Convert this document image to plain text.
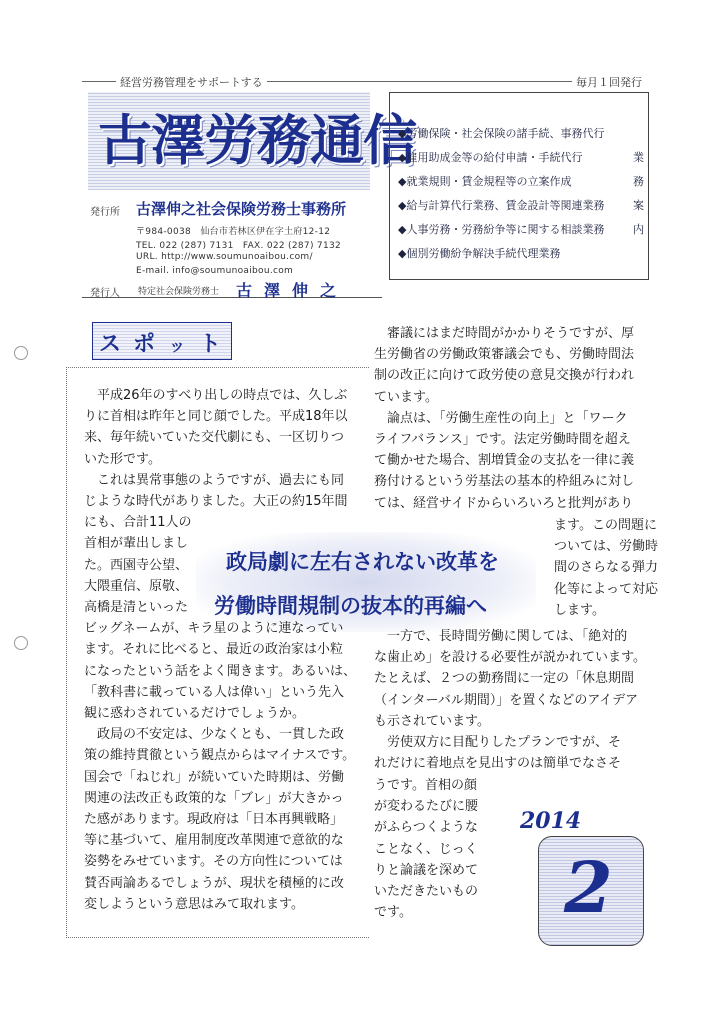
経営労務管理をサポートする	毎月１回発行
古澤労務通信
◆労働保険・社会保険の諸手続、事務代行
◆雇用助成金等の給付申請・手続代行
◆就業規則・賃金規程等の立案作成
◆給与計算代行業務、賃金設計等関連業務
◆人事労務・労務紛争等に関する相談業務
◆個別労働紛争解決手続代理業務
業
務
案
内
発行所 古澤伸之社会保険労務士事務所
〒984-0038　仙台市若林区伊在字土府12-12
TEL. 022 (287) 7131　FAX. 022 (287) 7132
URL. http://www.soumunoaibou.com/
E-mail. info@soumunoaibou.com
発行人 特定社会保険労務士 古澤伸之
ス ポ ッ ト
政局劇に左右されない改革を
労働時間規制の抜本的再編へ
　平成26年のすべり出しの時点では、久しぶ
りに首相は昨年と同じ顔でした。平成18年以
来、毎年続いていた交代劇にも、一区切りつ
いた形です。
　これは異常事態のようですが、過去にも同
じような時代がありました。大正の約15年間
にも、合計11人の
首相が輩出しまし
た。西園寺公望、
大隈重信、原敬、
高橋是清といった
ビッグネームが、キラ星のように連なってい
ます。それに比べると、最近の政治家は小粒
になったという話をよく聞きます。あるいは、
「教科書に載っている人は偉い」という先入
観に惑わされているだけでしょうか。
　政局の不安定は、少なくとも、一貫した政
策の維持貫徹という観点からはマイナスです。
国会で「ねじれ」が続いていた時期は、労働
関連の法改正も政策的な「ブレ」が大きかっ
た感があります。現政府は「日本再興戦略」
等に基づいて、雇用制度改革関連で意欲的な
姿勢をみせています。その方向性については
賛否両論あるでしょうが、現状を積極的に改
変しようという意思はみて取れます。
　審議にはまだ時間がかかりそうですが、厚
生労働省の労働政策審議会でも、労働時間法
制の改正に向けて政労使の意見交換が行われ
ています。
　論点は、「労働生産性の向上」と「ワーク
ライフバランス」です。法定労働時間を超え
て働かせた場合、割増賃金の支払を一律に義
務付けるという労基法の基本的枠組みに対し
ては、経営サイドからいろいろと批判があり
ます。この問題に
ついては、労働時
間のさらなる弾力
化等によって対応
します。
　一方で、長時間労働に関しては、「絶対的
な歯止め」を設ける必要性が説かれています。
たとえば、２つの勤務間に一定の「休息期間
（インターバル期間）」を置くなどのアイデア
も示されています。
　労使双方に目配りしたプランですが、そ
れだけに着地点を見出すのは簡単でなさそ
うです。首相の顔
が変わるたびに腰
がふらつくような
ことなく、じっく
りと論議を深めて
いただきたいもの
です。
2014
2
